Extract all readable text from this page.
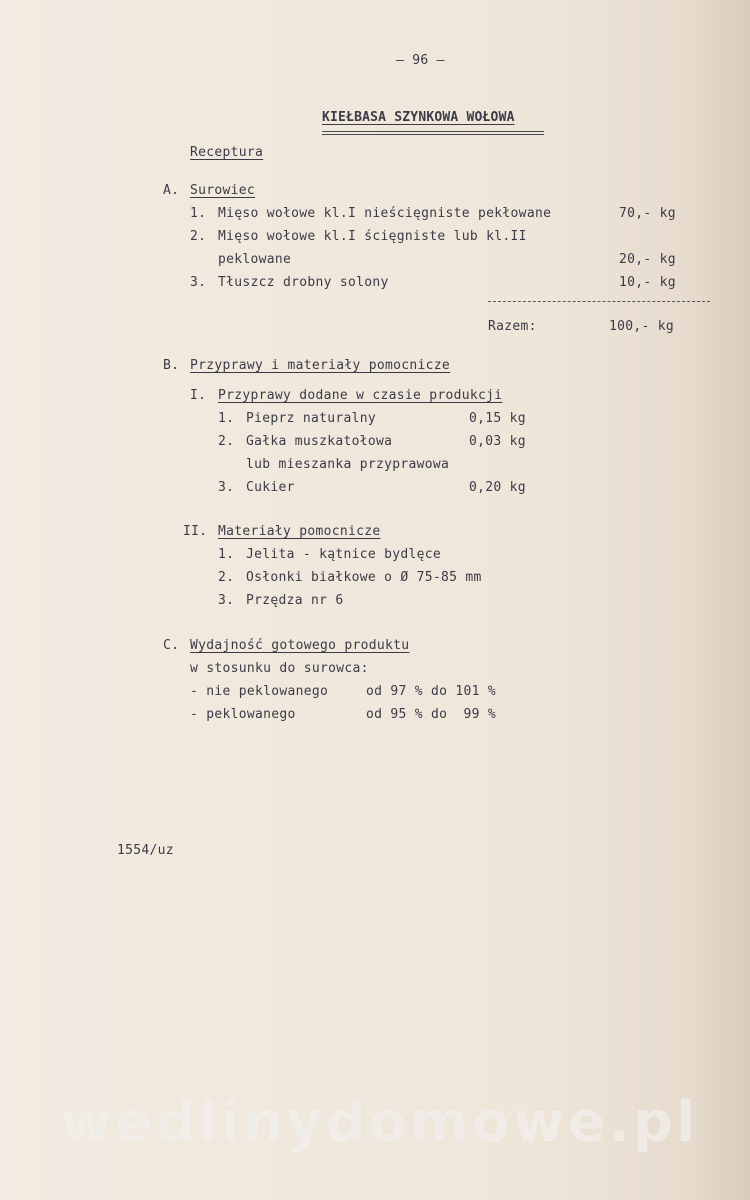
— 96 —
KIEŁBASA SZYNKOWA WOŁOWA
Receptura
A. Surowiec
1. Mięso wołowe kl.I nieścięgniste pekłowane	70,- kg
2. Mięso wołowe kl.I ścięgniste lub kl.II
peklowane	20,- kg
3. Tłuszcz drobny solony	10,- kg
Razem:	100,- kg
B. Przyprawy i materiały pomocnicze
I. Przyprawy dodane w czasie produkcji
1. Pieprz naturalny	0,15 kg
2. Gałka muszkatołowa	0,03 kg
lub mieszanka przyprawowa
3. Cukier	0,20 kg
II. Materiały pomocnicze
1. Jelita - kątnice bydlęce
2. Osłonki białkowe o Ø 75-85 mm
3. Przędza nr 6
C. Wydajność gotowego produktu
w stosunku do surowca:
- nie peklowanego	od 97 % do 101 %
- peklowanego	od 95 % do  99 %
1554/uz
wedlinydomowe.pl
